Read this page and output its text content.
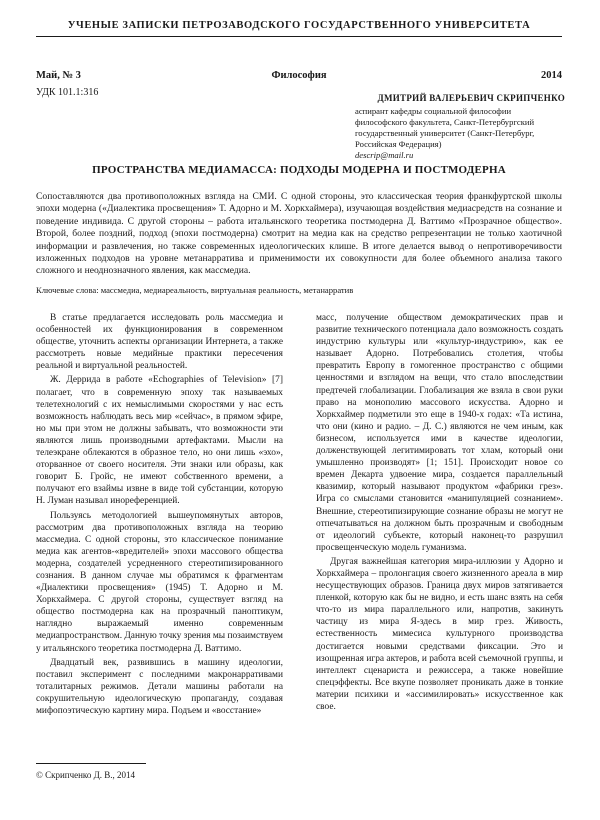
УЧЕНЫЕ ЗАПИСКИ ПЕТРОЗАВОДСКОГО ГОСУДАРСТВЕННОГО УНИВЕРСИТЕТА
Философия
Май, № 3	2014
УДК 101.1:316	ДМИТРИЙ ВАЛЕРЬЕВИЧ СКРИПЧЕНКО
аспирант кафедры социальной философии философского факультета, Санкт-Петербургский государственный университет (Санкт-Петербург, Российская Федерация)
descrip@mail.ru
ПРОСТРАНСТВА МЕДИАМАССА: ПОДХОДЫ МОДЕРНА И ПОСТМОДЕРНА
Сопоставляются два противоположных взгляда на СМИ. С одной стороны, это классическая теория франкфуртской школы эпохи модерна («Диалектика просвещения» Т. Адорно и М. Хоркхаймера), изучающая воздействия медиасредств на сознание и поведение индивида. С другой стороны – работа итальянского теоретика постмодерна Д. Ваттимо «Прозрачное общество». Второй, более поздний, подход (эпохи постмодерна) смотрит на медиа как на средство репрезентации не только хаотичной информации и развлечения, но также современных идеологических клише. В итоге делается вывод о непротиворечивости изложенных подходов на уровне метанарратива и применимости их совокупности для более объемного анализа такого сложного и неоднозначного явления, как массмедиа.
Ключевые слова: массмедиа, медиареальность, виртуальная реальность, метанарратив

В статье предлагается исследовать роль массмедиа и особенностей их функционирования в современном обществе, уточнить аспекты организации Интернета, а также рассмотреть новые медийные практики пересечения реальной и виртуальной реальностей.

Ж. Деррида в работе «Echographies of Television» [7] полагает, что в современную эпоху так называемых телетехнологий с их немыслимыми скоростями у нас есть возможность наблюдать весь мир «сейчас», в прямом эфире, но мы при этом не должны забывать, что возможности эти являются лишь производными артефактами. Мысли на телеэкране облекаются в образное тело, но они лишь «эхо», оторванное от своего носителя. Эти знаки или образы, как говорит Б. Гройс, не имеют собственного времени, а получают его взаймы извне в виде той субстанции, которую Н. Луман называл инореференцией.

Пользуясь методологией вышеупомянутых авторов, рассмотрим два противоположных взгляда на теорию массмедиа. С одной стороны, это классическое понимание медиа как агентов-«вредителей» эпохи массового общества модерна, создателей усредненного стереотипизированного сознания. В данном случае мы обратимся к фрагментам «Диалектики просвещения» (1945) Т. Адорно и М. Хоркхаймера. С другой стороны, существует взгляд на общество постмодерна как на прозрачный паноптикум, наглядно выражаемый именно современным медиапространством. Данную точку зрения мы позаимствуем у итальянского теоретика постмодерна Д. Ваттимо.

Двадцатый век, развившись в машину идеологии, поставил эксперимент с последними макронарративами тоталитарных режимов. Детали машины работали на сокрушительную идеологическую пропаганду, создавая мифопоэтическую картину мира. Подъем и «восстание»

масс, получение обществом демократических прав и развитие технического потенциала дало возможность создать индустрию культуры или «культур-индустрию», как ее называет Адорно. Потребовались столетия, чтобы превратить Европу в гомогенное пространство с общими ценностями и взглядом на вещи, что стало впоследствии предтечей глобализации. Глобализация же взяла в свои руки право на монополию массового искусства. Адорно и Хоркхаймер подметили это еще в 1940-х годах: «Та истина, что они (кино и радио. – Д. С.) являются не чем иным, как бизнесом, используется ими в качестве идеологии, долженствующей легитимировать тот хлам, который они умышленно производят» [1; 151]. Происходит новое со времен Декарта удвоение мира, создается параллельный квазимир, который называют продуктом «фабрики грез». Игра со смыслами становится «манипуляцией сознанием». Внешние, стереотипизирующие сознание образы не могут не отпечатываться на должном быть прозрачным и свободным от идеологий субъекте, который наконец-то разрушил просвещенческую модель гуманизма.

Другая важнейшая категория мира-иллюзии у Адорно и Хоркхаймера – пролонгация своего жизненного ареала в мир несуществующих образов. Граница двух миров затягивается пленкой, которую как бы не видно, и есть шанс взять на себя что-то из мира параллельного или, напротив, закинуть частицу из мира Я-здесь в мир грез. Живость, естественность мимесиса культурного производства достигается новыми средствами фиксации. Это и изощренная игра актеров, и работа всей съемочной группы, и интеллект сценариста и режиссера, а также новейшие спецэффекты. Все вкупе позволяет проникать даже в тонкие материи психики и «ассимилировать» искусственное как свое.

© Скрипченко Д. В., 2014
